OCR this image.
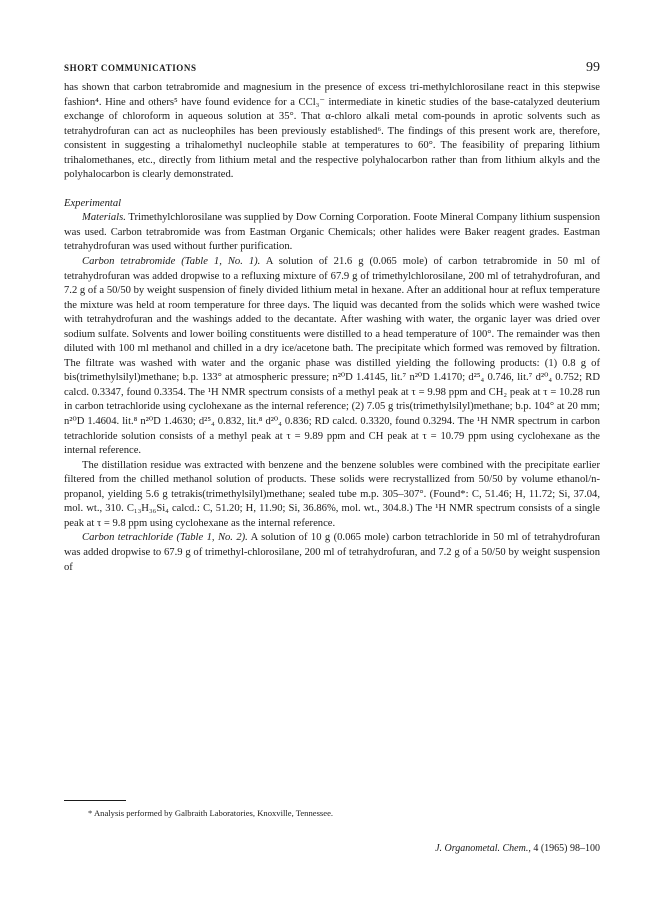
SHORT COMMUNICATIONS	99

has shown that carbon tetrabromide and magnesium in the presence of excess tri-methylchlorosilane react in this stepwise fashion⁴. Hine and others⁵ have found evidence for a CCl₃⁻ intermediate in kinetic studies of the base-catalyzed deuterium exchange of chloroform in aqueous solution at 35°. That α-chloro alkali metal com-pounds in aprotic solvents such as tetrahydrofuran can act as nucleophiles has been previously established⁶. The findings of this present work are, therefore, consistent in suggesting a trihalomethyl nucleophile stable at temperatures to 60°. The feasibility of preparing lithium trihalomethanes, etc., directly from lithium metal and the respective polyhalocarbon rather than from lithium alkyls and the polyhalocarbon is clearly demonstrated.

Experimental

Materials. Trimethylchlorosilane was supplied by Dow Corning Corporation. Foote Mineral Company lithium suspension was used. Carbon tetrabromide was from Eastman Organic Chemicals; other halides were Baker reagent grades. Eastman tetrahydrofuran was used without further purification.

Carbon tetrabromide (Table 1, No. 1). A solution of 21.6 g (0.065 mole) of carbon tetrabromide in 50 ml of tetrahydrofuran was added dropwise to a refluxing mixture of 67.9 g of trimethylchlorosilane, 200 ml of tetrahydrofuran, and 7.2 g of a 50/50 by weight suspension of finely divided lithium metal in hexane. After an additional hour at reflux temperature the mixture was held at room temperature for three days. The liquid was decanted from the solids which were washed twice with tetrahydrofuran and the washings added to the decantate. After washing with water, the organic layer was dried over sodium sulfate. Solvents and lower boiling constituents were distilled to a head temperature of 100°. The remainder was then diluted with 100 ml methanol and chilled in a dry ice/acetone bath. The precipitate which formed was removed by filtration. The filtrate was washed with water and the organic phase was distilled yielding the following products: (1) 0.8 g of bis(trimethylsilyl)methane; b.p. 133° at atmospheric pressure; n²⁰D 1.4145, lit.⁷ n²⁰D 1.4170; d²⁵₄ 0.746, lit.⁷ d²⁰₄ 0.752; RD calcd. 0.3347, found 0.3354. The ¹H NMR spectrum consists of a methyl peak at τ = 9.98 ppm and CH₂ peak at τ = 10.28 run in carbon tetrachloride using cyclohexane as the internal reference; (2) 7.05 g tris(trimethylsilyl)methane; b.p. 104° at 20 mm; n²⁰D 1.4604. lit.⁸ n²⁰D 1.4630; d²⁵₄ 0.832, lit.⁸ d²⁰₄ 0.836; RD calcd. 0.3320, found 0.3294. The ¹H NMR spectrum in carbon tetrachloride solution consists of a methyl peak at τ = 9.89 ppm and CH peak at τ = 10.79 ppm using cyclohexane as the internal reference.

The distillation residue was extracted with benzene and the benzene solubles were combined with the precipitate earlier filtered from the chilled methanol solution of products. These solids were recrystallized from 50/50 by volume ethanol/n-propanol, yielding 5.6 g tetrakis(trimethylsilyl)methane; sealed tube m.p. 305–307°. (Found*: C, 51.46; H, 11.72; Si, 37.04, mol. wt., 310. C₁₃H₃₆Si₄ calcd.: C, 51.20; H, 11.90; Si, 36.86%, mol. wt., 304.8.) The ¹H NMR spectrum consists of a single peak at τ = 9.8 ppm using cyclohexane as the internal reference.

Carbon tetrachloride (Table 1, No. 2). A solution of 10 g (0.065 mole) carbon tetrachloride in 50 ml of tetrahydrofuran was added dropwise to 67.9 g of trimethyl-chlorosilane, 200 ml of tetrahydrofuran, and 7.2 g of a 50/50 by weight suspension of

* Analysis performed by Galbraith Laboratories, Knoxville, Tennessee.
J. Organometal. Chem., 4 (1965) 98–100
